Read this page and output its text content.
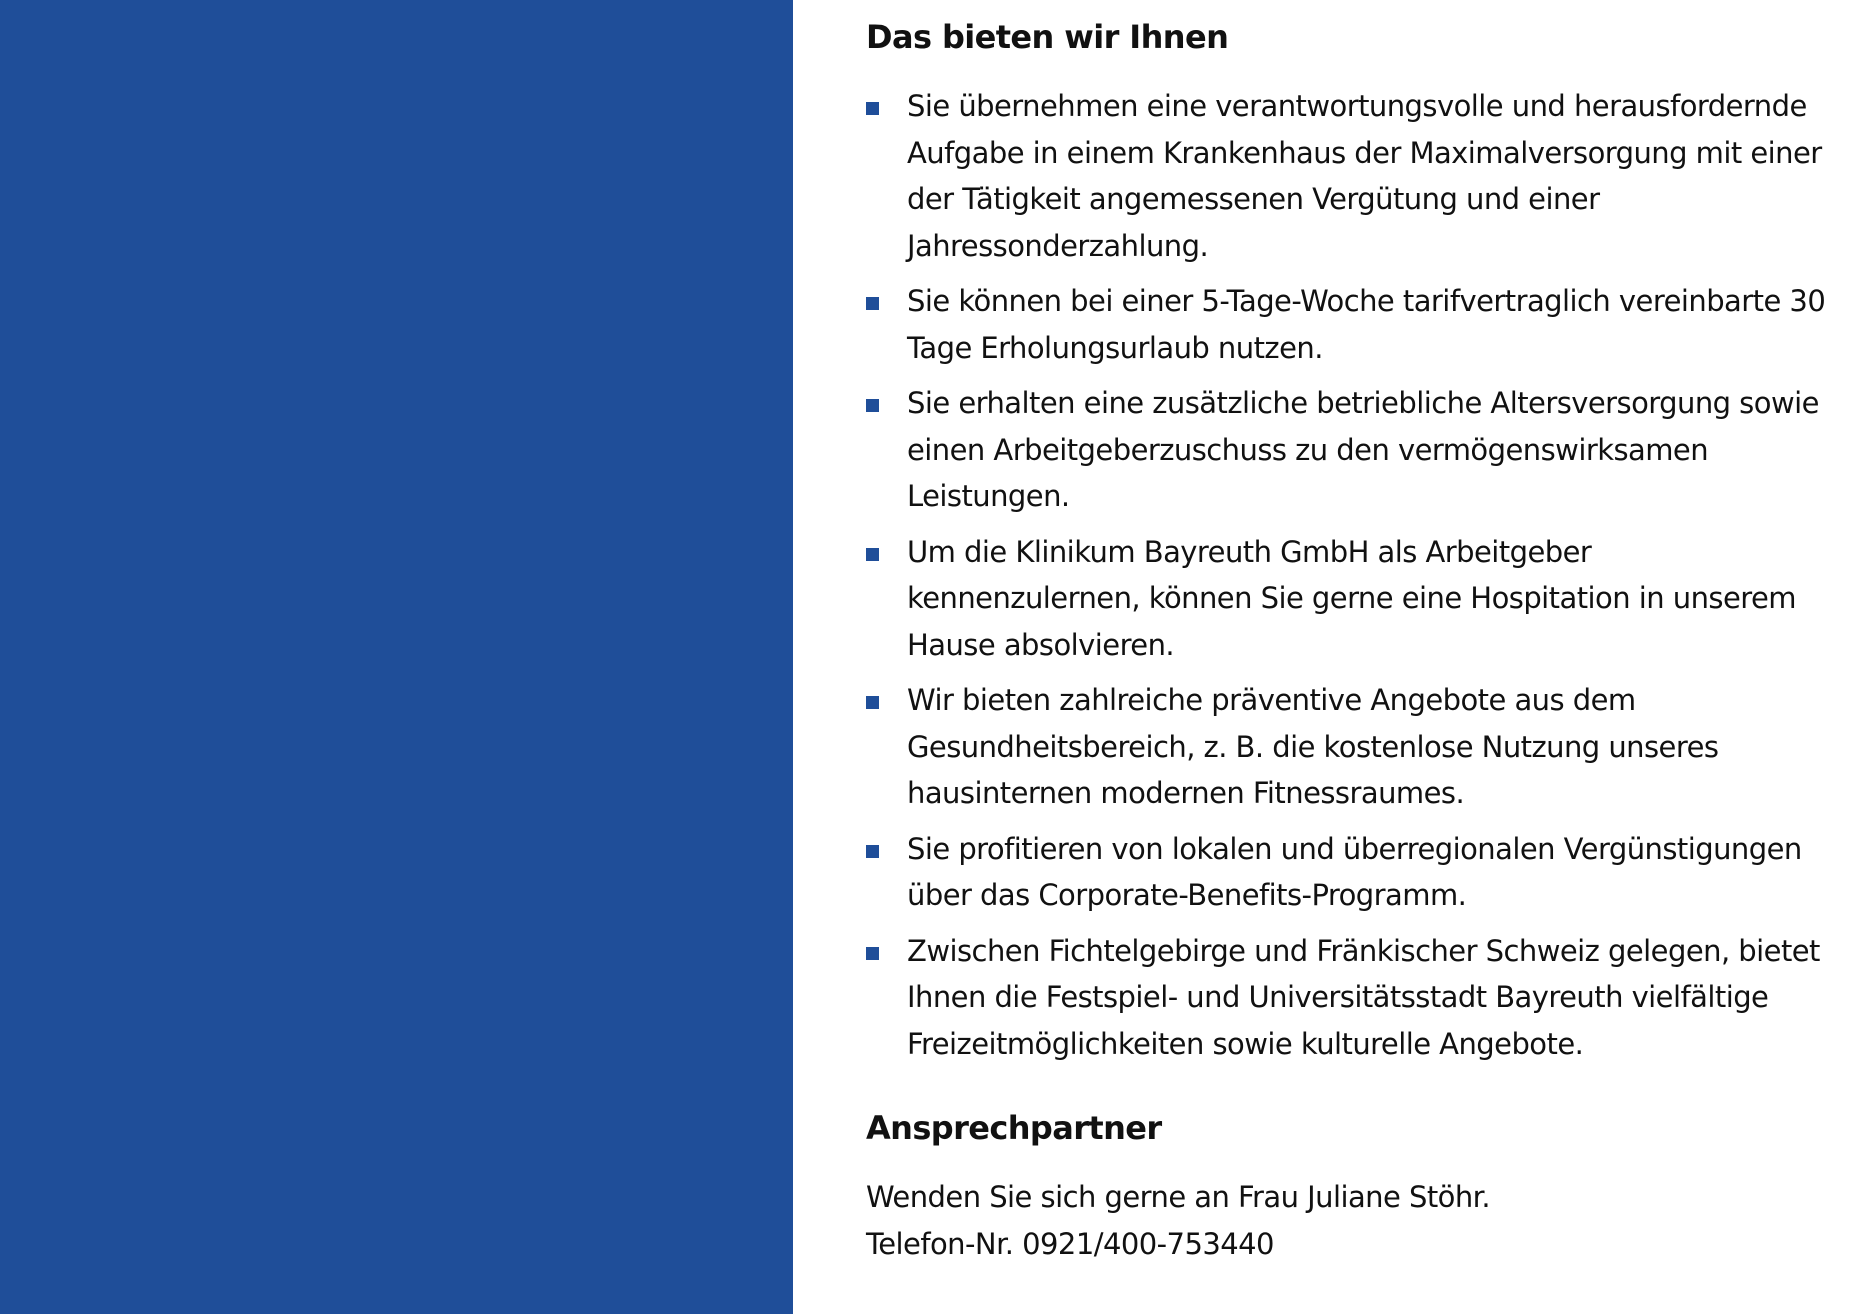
Das bieten wir Ihnen
Sie übernehmen eine verantwortungsvolle und herausfordernde Aufgabe in einem Krankenhaus der Maximalversorgung mit einer der Tätigkeit angemessenen Vergütung und einer Jahressonderzahlung.
Sie können bei einer 5-Tage-Woche tarifvertraglich vereinbarte 30 Tage Erholungsurlaub nutzen.
Sie erhalten eine zusätzliche betriebliche Altersversorgung sowie einen Arbeitgeberzuschuss zu den vermögenswirksamen Leistungen.
Um die Klinikum Bayreuth GmbH als Arbeitgeber kennenzulernen, können Sie gerne eine Hospitation in unserem Hause absolvieren.
Wir bieten zahlreiche präventive Angebote aus dem Gesundheitsbereich, z. B. die kostenlose Nutzung unseres hausinternen modernen Fitnessraumes.
Sie profitieren von lokalen und überregionalen Vergünstigungen über das Corporate-Benefits-Programm.
Zwischen Fichtelgebirge und Fränkischer Schweiz gelegen, bietet Ihnen die Festspiel- und Universitätsstadt Bayreuth vielfältige Freizeitmöglichkeiten sowie kulturelle Angebote.
Ansprechpartner
Wenden Sie sich gerne an Frau Juliane Stöhr.
Telefon-Nr. 0921/400-753440
